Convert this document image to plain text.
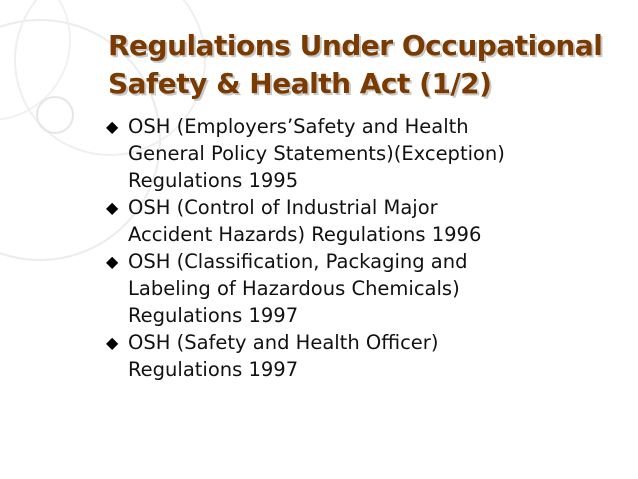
Regulations Under Occupational
Safety & Health Act (1/2)
◆ OSH (Employers’Safety and Health
General Policy Statements)(Exception)
Regulations 1995
◆ OSH (Control of Industrial Major
Accident Hazards) Regulations 1996
◆ OSH (Classification, Packaging and
Labeling of Hazardous Chemicals)
Regulations 1997
◆ OSH (Safety and Health Officer)
Regulations 1997
